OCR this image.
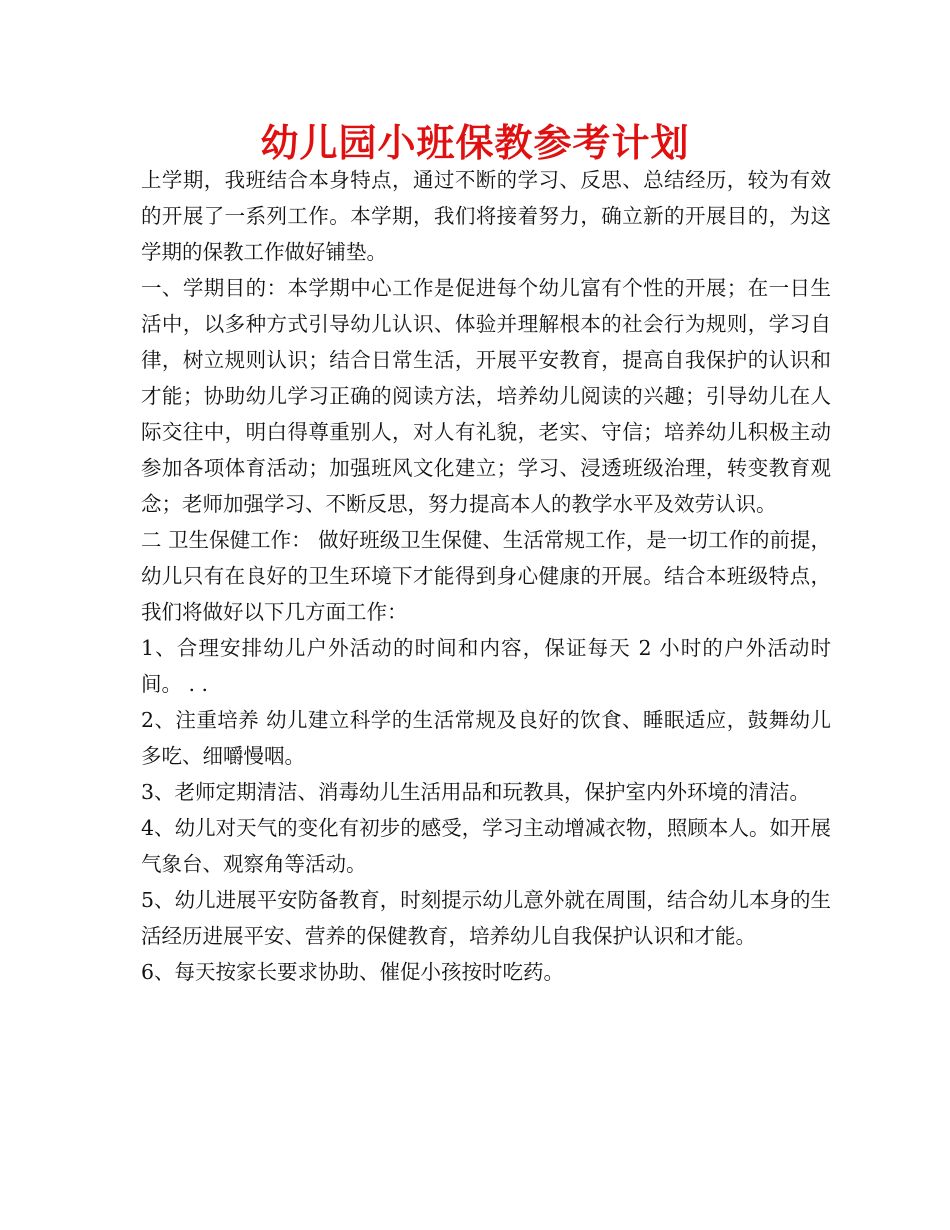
幼儿园小班保教参考计划

上学期，我班结合本身特点，通过不断的学习、反思、总结经历，较为有效的开展了一系列工作。本学期，我们将接着努力，确立新的开展目的，为这学期的保教工作做好铺垫。

一、学期目的：本学期中心工作是促进每个幼儿富有个性的开展；在一日生活中，以多种方式引导幼儿认识、体验并理解根本的社会行为规则，学习自律，树立规则认识；结合日常生活，开展平安教育，提高自我保护的认识和才能；协助幼儿学习正确的阅读方法，培养幼儿阅读的兴趣；引导幼儿在人际交往中，明白得尊重别人，对人有礼貌，老实、守信；培养幼儿积极主动参加各项体育活动；加强班风文化建立；学习、浸透班级治理，转变教育观念；老师加强学习、不断反思，努力提高本人的教学水平及效劳认识。

二 卫生保健工作： 做好班级卫生保健、生活常规工作，是一切工作的前提，幼儿只有在良好的卫生环境下才能得到身心健康的开展。结合本班级特点，我们将做好以下几方面工作：

1、合理安排幼儿户外活动的时间和内容，保证每天 2 小时的户外活动时间。 . .

2、注重培养 幼儿建立科学的生活常规及良好的饮食、睡眠适应，鼓舞幼儿多吃、细嚼慢咽。

3、老师定期清洁、消毒幼儿生活用品和玩教具，保护室内外环境的清洁。

4、幼儿对天气的变化有初步的感受，学习主动增减衣物，照顾本人。如开展气象台、观察角等活动。

5、幼儿进展平安防备教育，时刻提示幼儿意外就在周围，结合幼儿本身的生活经历进展平安、营养的保健教育，培养幼儿自我保护认识和才能。

6、每天按家长要求协助、催促小孩按时吃药。
